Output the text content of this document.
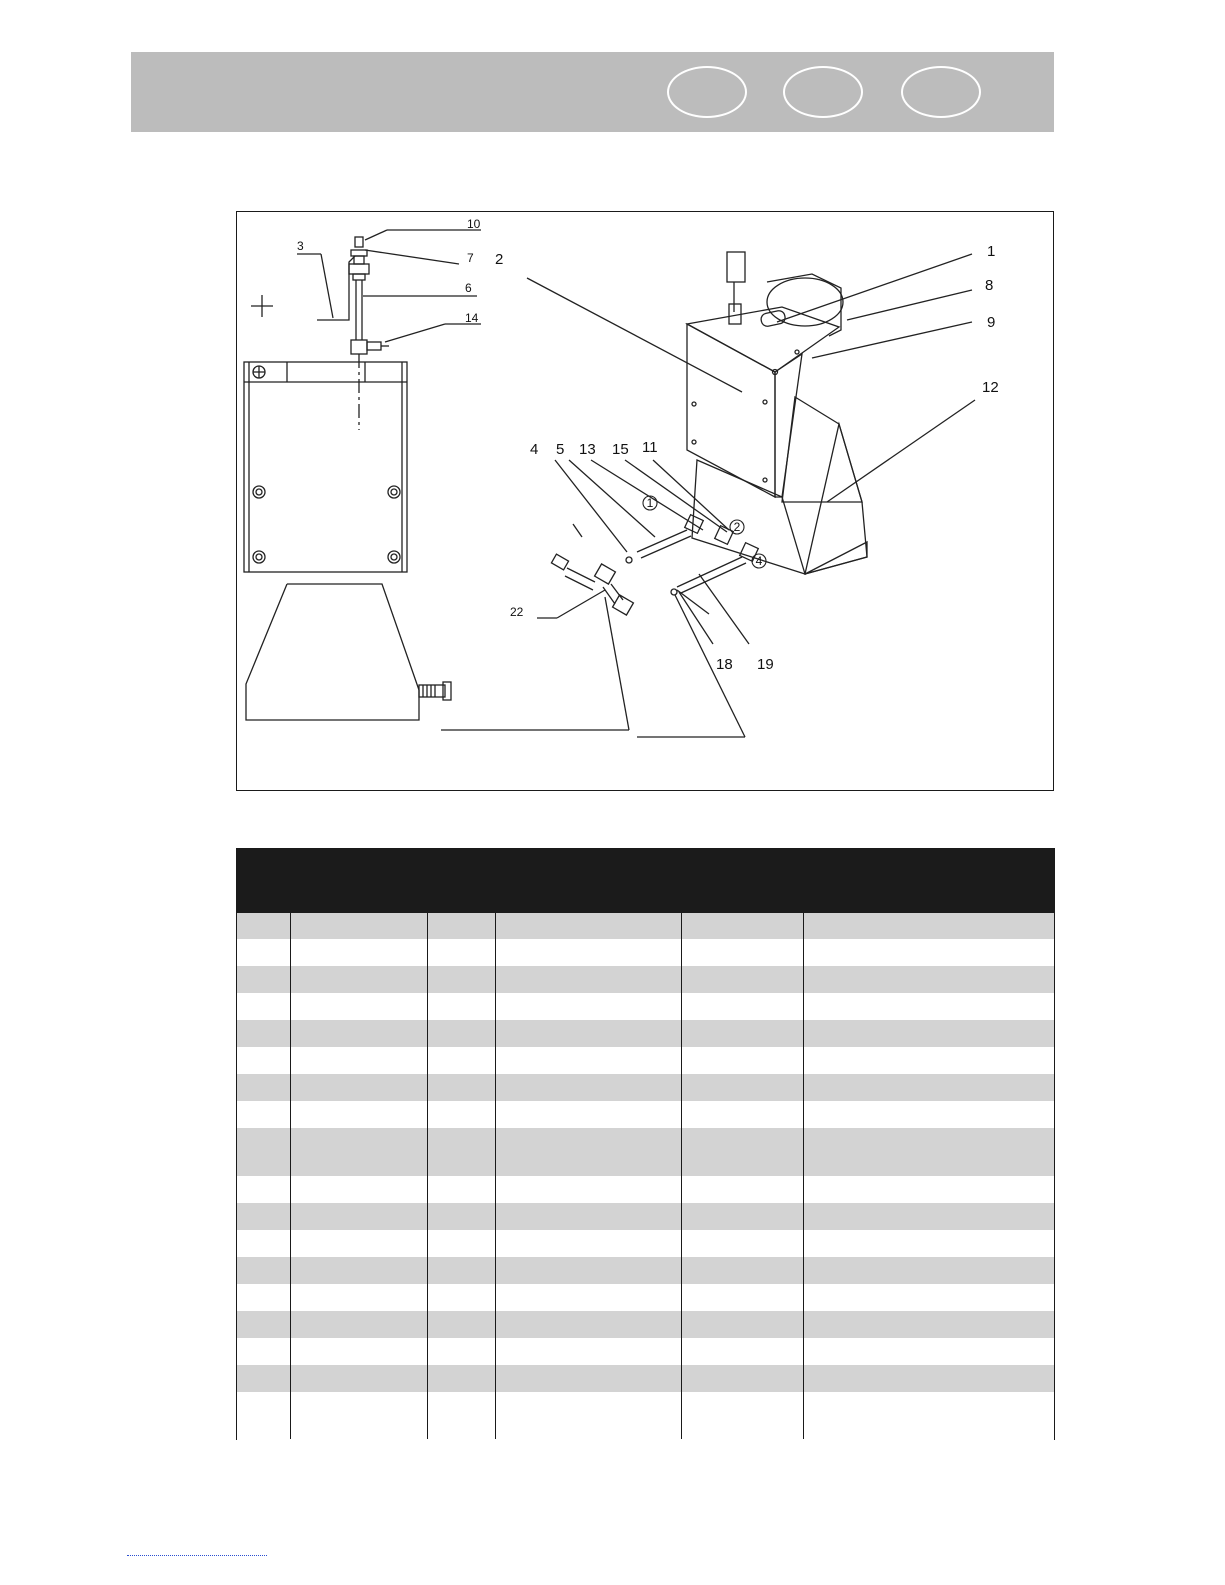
1
2
4
1
2
3
4 5
6
7
8
9
10
11
12
13
14
15
18 19
22
